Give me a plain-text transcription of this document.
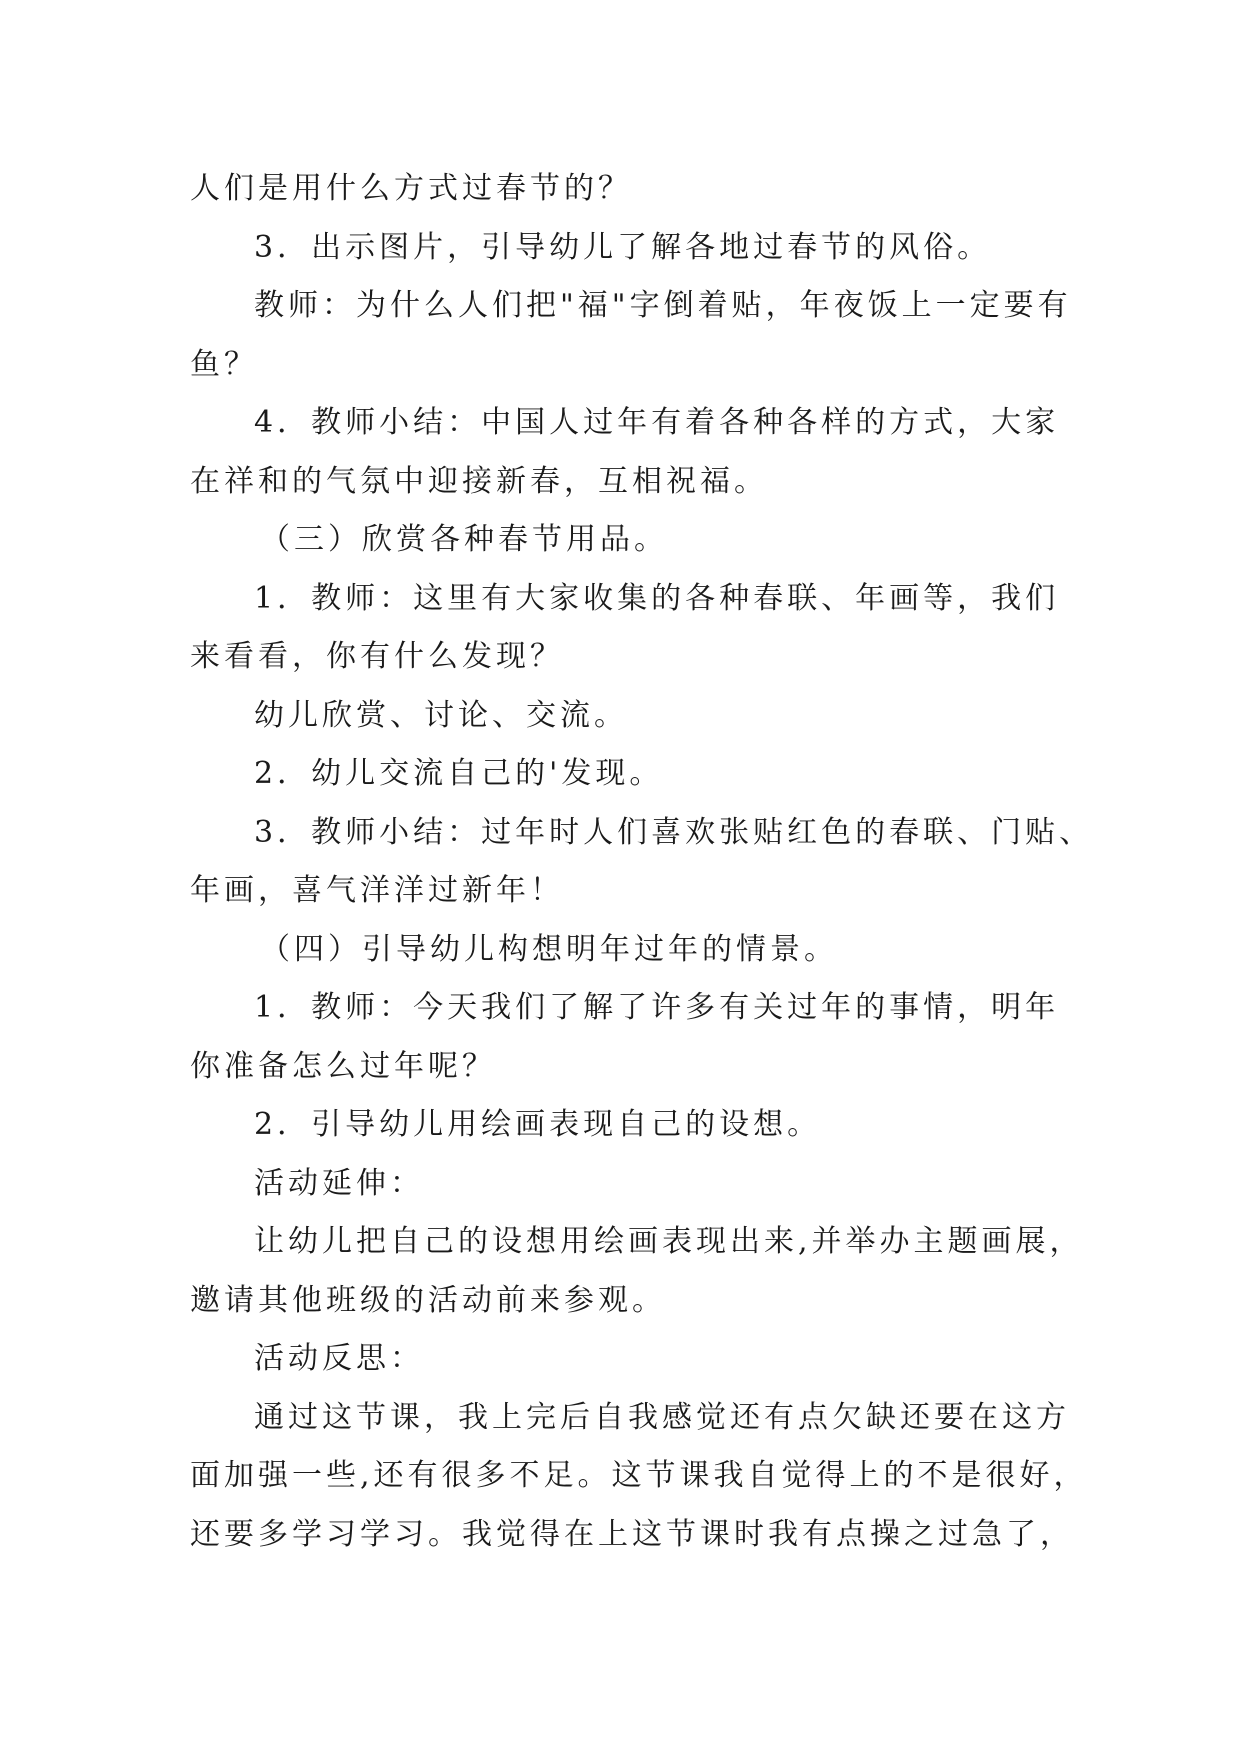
人们是用什么方式过春节的？
3．出示图片，引导幼儿了解各地过春节的风俗。
教师：为什么人们把"福"字倒着贴，年夜饭上一定要有
鱼？
4．教师小结：中国人过年有着各种各样的方式，大家
在祥和的气氛中迎接新春，互相祝福。
（三）欣赏各种春节用品。
1．教师：这里有大家收集的各种春联、年画等，我们
来看看，你有什么发现？
幼儿欣赏、讨论、交流。
2．幼儿交流自己的'发现。
3．教师小结：过年时人们喜欢张贴红色的春联、门贴、
年画，喜气洋洋过新年！
（四）引导幼儿构想明年过年的情景。
1．教师：今天我们了解了许多有关过年的事情，明年
你准备怎么过年呢？
2．引导幼儿用绘画表现自己的设想。
活动延伸：
让幼儿把自己的设想用绘画表现出来,并举办主题画展，
邀请其他班级的活动前来参观。
活动反思：
通过这节课，我上完后自我感觉还有点欠缺还要在这方
面加强一些,还有很多不足。这节课我自觉得上的不是很好，
还要多学习学习。我觉得在上这节课时我有点操之过急了，
